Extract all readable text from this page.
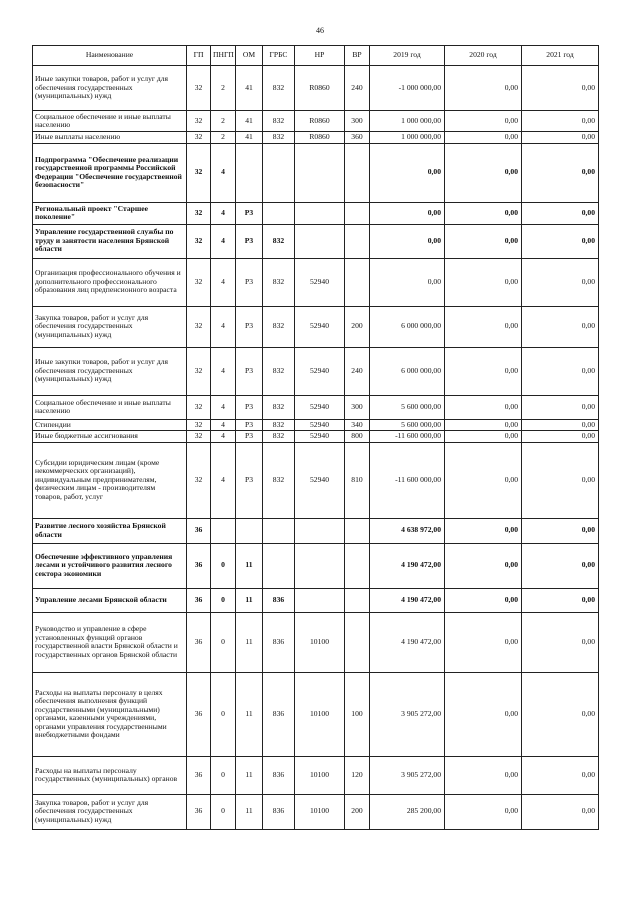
46
Наименование	ГП	ПНГП	ОМ	ГРБС	НР	ВР	2019 год	2020 год	2021 год
Иные закупки товаров, работ и услуг для обеспечения государственных (муниципальных) нужд	32	2	41	832	R0860	240	-1 000 000,00	0,00	0,00
Социальное обеспечение и иные выплаты населению	32	2	41	832	R0860	300	1 000 000,00	0,00	0,00
Иные выплаты населению	32	2	41	832	R0860	360	1 000 000,00	0,00	0,00
Подпрограмма "Обеспечение реализации государственной программы Российской Федерации "Обеспечение государственной безопасности"	32	4					0,00	0,00	0,00
Региональный проект "Старшее поколение"	32	4	P3				0,00	0,00	0,00
Управление государственной службы по труду и занятости населения Брянской области	32	4	P3	832			0,00	0,00	0,00
Организация профессионального обучения и дополнительного профессионального образования лиц предпенсионного возраста	32	4	P3	832	52940		0,00	0,00	0,00
Закупка товаров, работ и услуг для обеспечения государственных (муниципальных) нужд	32	4	P3	832	52940	200	6 000 000,00	0,00	0,00
Иные закупки товаров, работ и услуг для обеспечения государственных (муниципальных) нужд	32	4	P3	832	52940	240	6 000 000,00	0,00	0,00
Социальное обеспечение и иные выплаты населению	32	4	P3	832	52940	300	5 600 000,00	0,00	0,00
Стипендии	32	4	P3	832	52940	340	5 600 000,00	0,00	0,00
Иные бюджетные ассигнования	32	4	P3	832	52940	800	-11 600 000,00	0,00	0,00
Субсидии юридическим лицам (кроме некоммерческих организаций), индивидуальным предпринимателям, физическим лицам - производителям товаров, работ, услуг	32	4	P3	832	52940	810	-11 600 000,00	0,00	0,00
Развитие лесного хозяйства Брянской области	36						4 638 972,00	0,00	0,00
Обеспечение эффективного управления лесами и устойчивого развития лесного сектора экономики	36	0	11				4 190 472,00	0,00	0,00
Управление лесами Брянской области	36	0	11	836			4 190 472,00	0,00	0,00
Руководство и управление в сфере установленных функций органов государственной власти Брянской области и государственных органов Брянской области	36	0	11	836	10100		4 190 472,00	0,00	0,00
Расходы на выплаты персоналу в целях обеспечения выполнения функций государственными (муниципальными) органами, казенными учреждениями, органами управления государственными внебюджетными фондами	36	0	11	836	10100	100	3 905 272,00	0,00	0,00
Расходы на выплаты персоналу государственных (муниципальных) органов	36	0	11	836	10100	120	3 905 272,00	0,00	0,00
Закупка товаров, работ и услуг для обеспечения государственных (муниципальных) нужд	36	0	11	836	10100	200	285 200,00	0,00	0,00
